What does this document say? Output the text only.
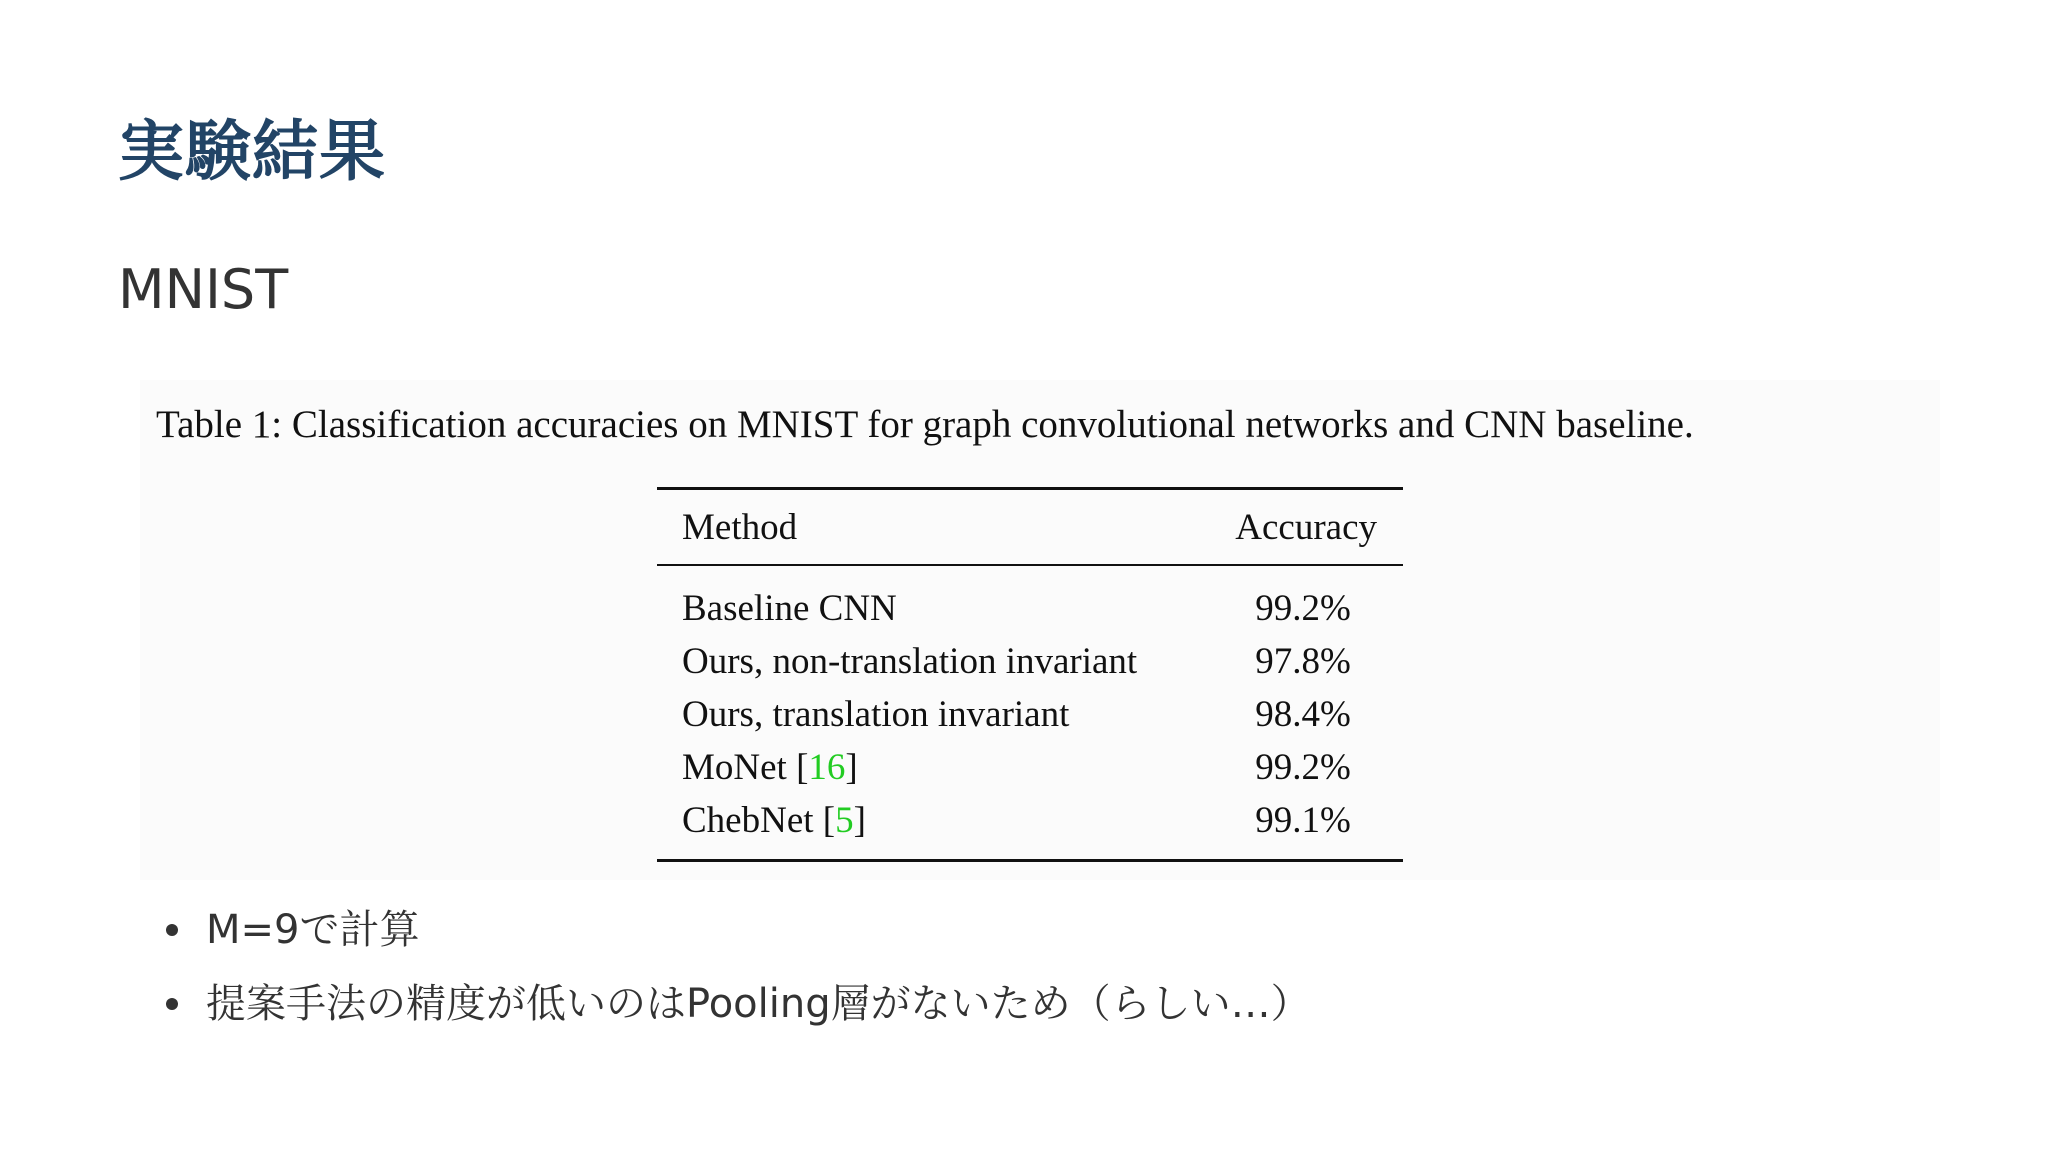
実験結果
MNIST
Table 1: Classification accuracies on MNIST for graph convolutional networks and CNN baseline.
Method	Accuracy
Baseline CNN	99.2%
Ours, non-translation invariant	97.8%
Ours, translation invariant	98.4%
MoNet [16]	99.2%
ChebNet [5]	99.1%
M=9で計算
提案手法の精度が低いのはPooling層がないため（らしい…）
